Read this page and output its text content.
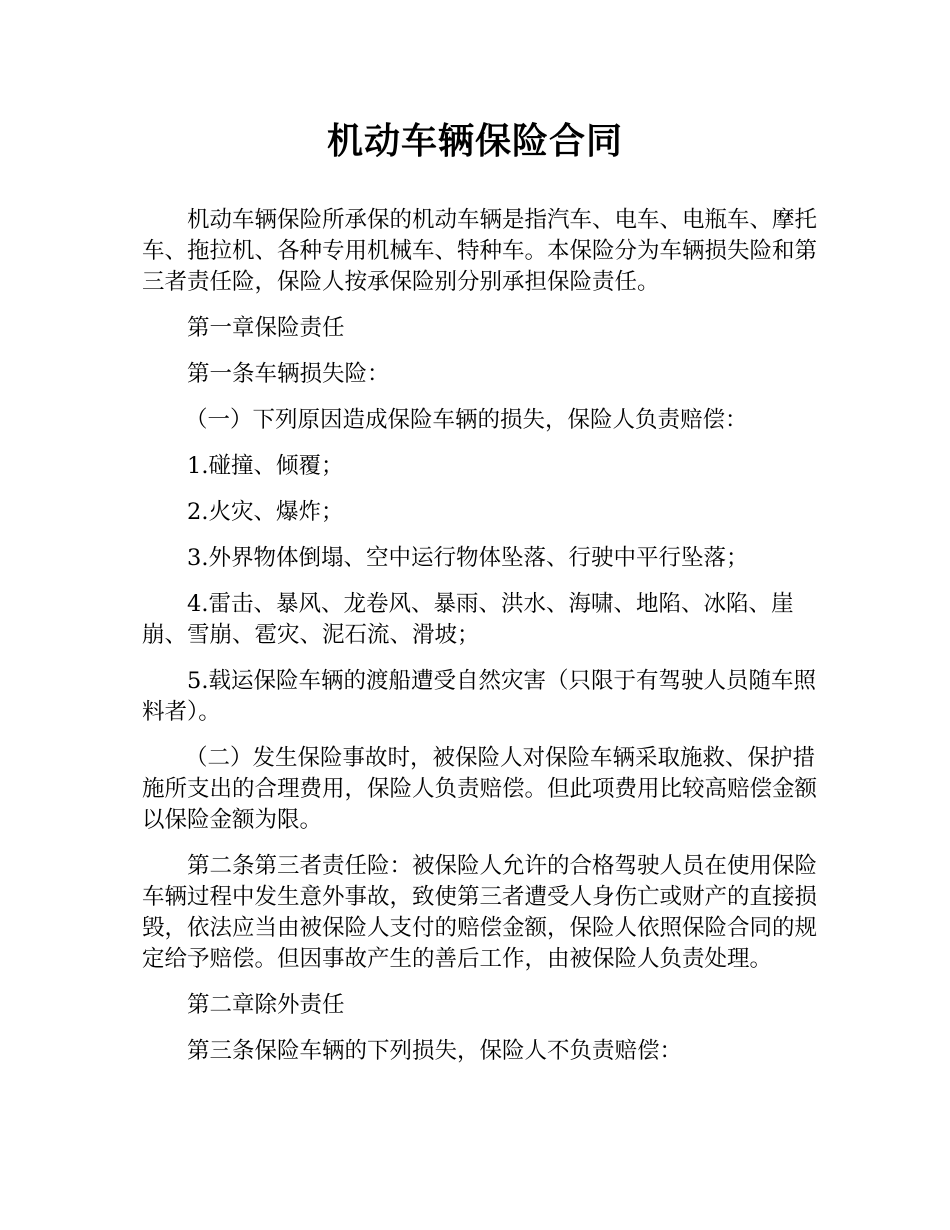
机动车辆保险合同

机动车辆保险所承保的机动车辆是指汽车、电车、电瓶车、摩托车、拖拉机、各种专用机械车、特种车。本保险分为车辆损失险和第三者责任险，保险人按承保险别分别承担保险责任。

第一章保险责任

第一条车辆损失险：

（一）下列原因造成保险车辆的损失，保险人负责赔偿：

1.碰撞、倾覆；

2.火灾、爆炸；

3.外界物体倒塌、空中运行物体坠落、行驶中平行坠落；

4.雷击、暴风、龙卷风、暴雨、洪水、海啸、地陷、冰陷、崖崩、雪崩、雹灾、泥石流、滑坡；

5.载运保险车辆的渡船遭受自然灾害（只限于有驾驶人员随车照料者）。

（二）发生保险事故时，被保险人对保险车辆采取施救、保护措施所支出的合理费用，保险人负责赔偿。但此项费用比较高赔偿金额以保险金额为限。

第二条第三者责任险：被保险人允许的合格驾驶人员在使用保险车辆过程中发生意外事故，致使第三者遭受人身伤亡或财产的直接损毁，依法应当由被保险人支付的赔偿金额，保险人依照保险合同的规定给予赔偿。但因事故产生的善后工作，由被保险人负责处理。

第二章除外责任

第三条保险车辆的下列损失，保险人不负责赔偿：
